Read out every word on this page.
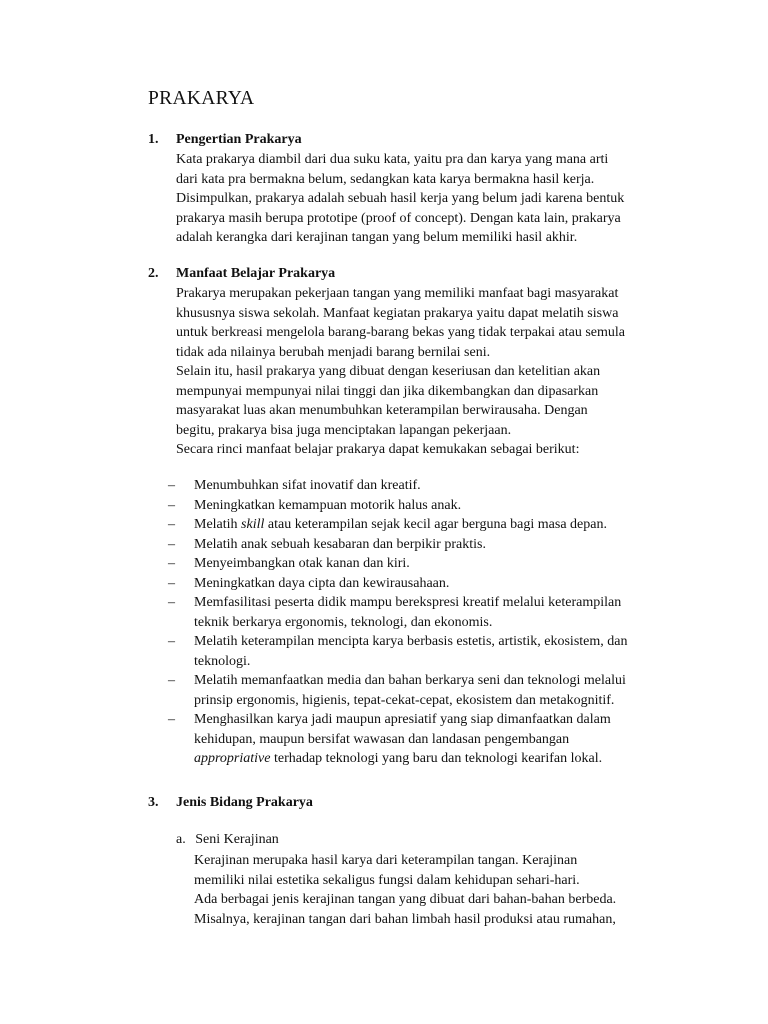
PRAKARYA
1. Pengertian Prakarya
Kata prakarya diambil dari dua suku kata, yaitu pra dan karya yang mana arti
dari kata pra bermakna belum, sedangkan kata karya bermakna hasil kerja.
Disimpulkan, prakarya adalah sebuah hasil kerja yang belum jadi karena bentuk
prakarya masih berupa prototipe (proof of concept). Dengan kata lain, prakarya
adalah kerangka dari kerajinan tangan yang belum memiliki hasil akhir.
2. Manfaat Belajar Prakarya
Prakarya merupakan pekerjaan tangan yang memiliki manfaat bagi masyarakat
khususnya siswa sekolah. Manfaat kegiatan prakarya yaitu dapat melatih siswa
untuk berkreasi mengelola barang-barang bekas yang tidak terpakai atau semula
tidak ada nilainya berubah menjadi barang bernilai seni.
Selain itu, hasil prakarya yang dibuat dengan keseriusan dan ketelitian akan
mempunyai mempunyai nilai tinggi dan jika dikembangkan dan dipasarkan
masyarakat luas akan menumbuhkan keterampilan berwirausaha. Dengan
begitu, prakarya bisa juga menciptakan lapangan pekerjaan.
Secara rinci manfaat belajar prakarya dapat kemukakan sebagai berikut:
– Menumbuhkan sifat inovatif dan kreatif.
– Meningkatkan kemampuan motorik halus anak.
– Melatih skill atau keterampilan sejak kecil agar berguna bagi masa depan.
– Melatih anak sebuah kesabaran dan berpikir praktis.
– Menyeimbangkan otak kanan dan kiri.
– Meningkatkan daya cipta dan kewirausahaan.
– Memfasilitasi peserta didik mampu berekspresi kreatif melalui keterampilan
teknik berkarya ergonomis, teknologi, dan ekonomis.
– Melatih keterampilan mencipta karya berbasis estetis, artistik, ekosistem, dan
teknologi.
– Melatih memanfaatkan media dan bahan berkarya seni dan teknologi melalui
prinsip ergonomis, higienis, tepat-cekat-cepat, ekosistem dan metakognitif.
– Menghasilkan karya jadi maupun apresiatif yang siap dimanfaatkan dalam
kehidupan, maupun bersifat wawasan dan landasan pengembangan
appropriative terhadap teknologi yang baru dan teknologi kearifan lokal.
3. Jenis Bidang Prakarya
a. Seni Kerajinan
Kerajinan merupaka hasil karya dari keterampilan tangan. Kerajinan
memiliki nilai estetika sekaligus fungsi dalam kehidupan sehari-hari.
Ada berbagai jenis kerajinan tangan yang dibuat dari bahan-bahan berbeda.
Misalnya, kerajinan tangan dari bahan limbah hasil produksi atau rumahan,
